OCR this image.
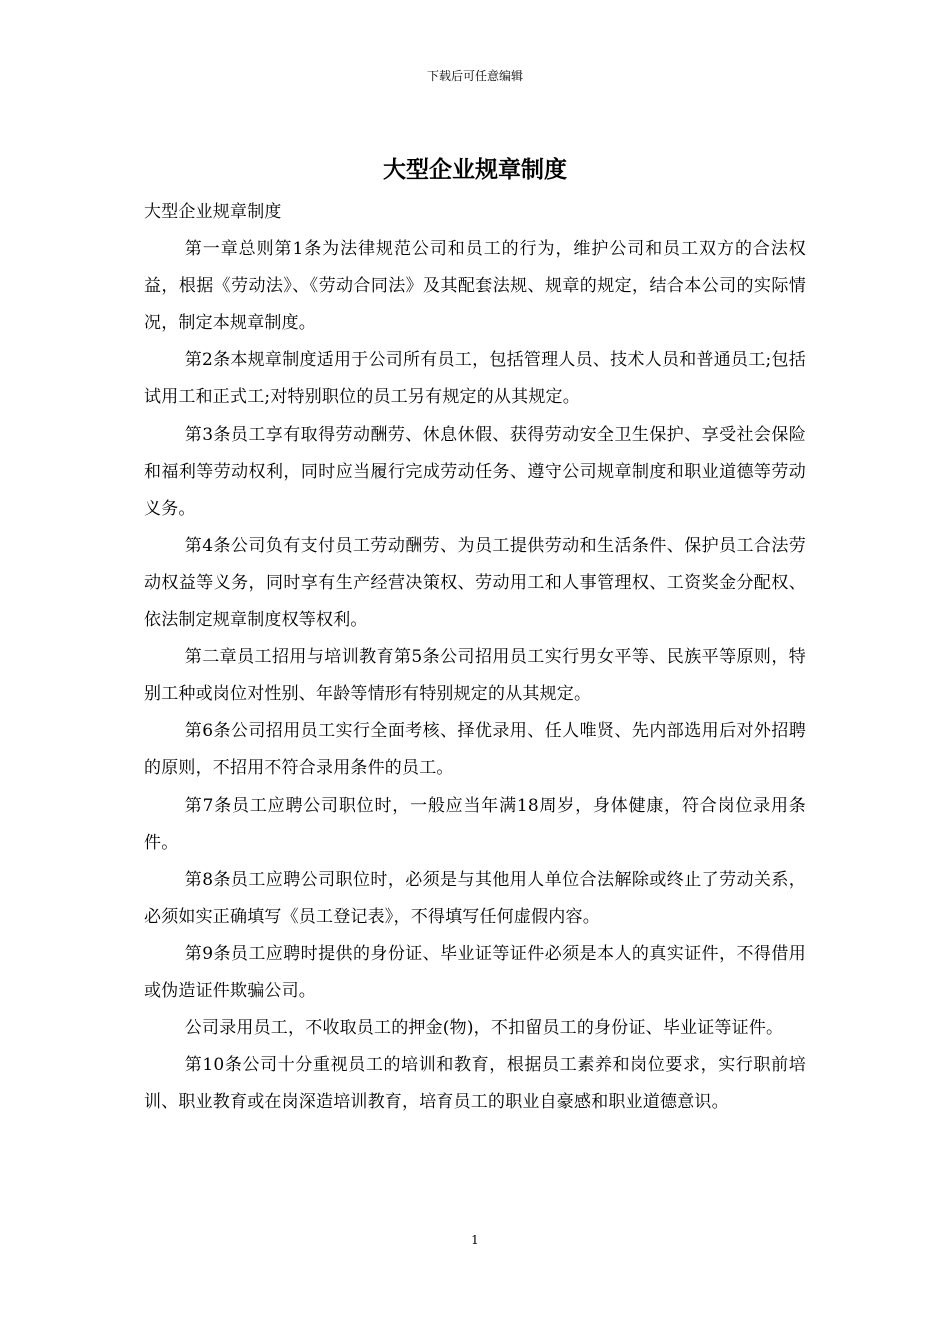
下载后可任意编辑
大型企业规章制度

大型企业规章制度

第一章总则第1条为法律规范公司和员工的行为，维护公司和员工双方的合法权益，根据《劳动法》、《劳动合同法》及其配套法规、规章的规定，结合本公司的实际情况，制定本规章制度。

第2条本规章制度适用于公司所有员工，包括管理人员、技术人员和普通员工;包括试用工和正式工;对特别职位的员工另有规定的从其规定。

第3条员工享有取得劳动酬劳、休息休假、获得劳动安全卫生保护、享受社会保险和福利等劳动权利，同时应当履行完成劳动任务、遵守公司规章制度和职业道德等劳动义务。

第4条公司负有支付员工劳动酬劳、为员工提供劳动和生活条件、保护员工合法劳动权益等义务，同时享有生产经营决策权、劳动用工和人事管理权、工资奖金分配权、依法制定规章制度权等权利。

第二章员工招用与培训教育第5条公司招用员工实行男女平等、民族平等原则，特别工种或岗位对性别、年龄等情形有特别规定的从其规定。

第6条公司招用员工实行全面考核、择优录用、任人唯贤、先内部选用后对外招聘的原则，不招用不符合录用条件的员工。

第7条员工应聘公司职位时，一般应当年满18周岁，身体健康，符合岗位录用条件。

第8条员工应聘公司职位时，必须是与其他用人单位合法解除或终止了劳动关系，必须如实正确填写《员工登记表》，不得填写任何虚假内容。

第9条员工应聘时提供的身份证、毕业证等证件必须是本人的真实证件，不得借用或伪造证件欺骗公司。

公司录用员工，不收取员工的押金(物)，不扣留员工的身份证、毕业证等证件。

第10条公司十分重视员工的培训和教育，根据员工素养和岗位要求，实行职前培训、职业教育或在岗深造培训教育，培育员工的职业自豪感和职业道德意识。

1
